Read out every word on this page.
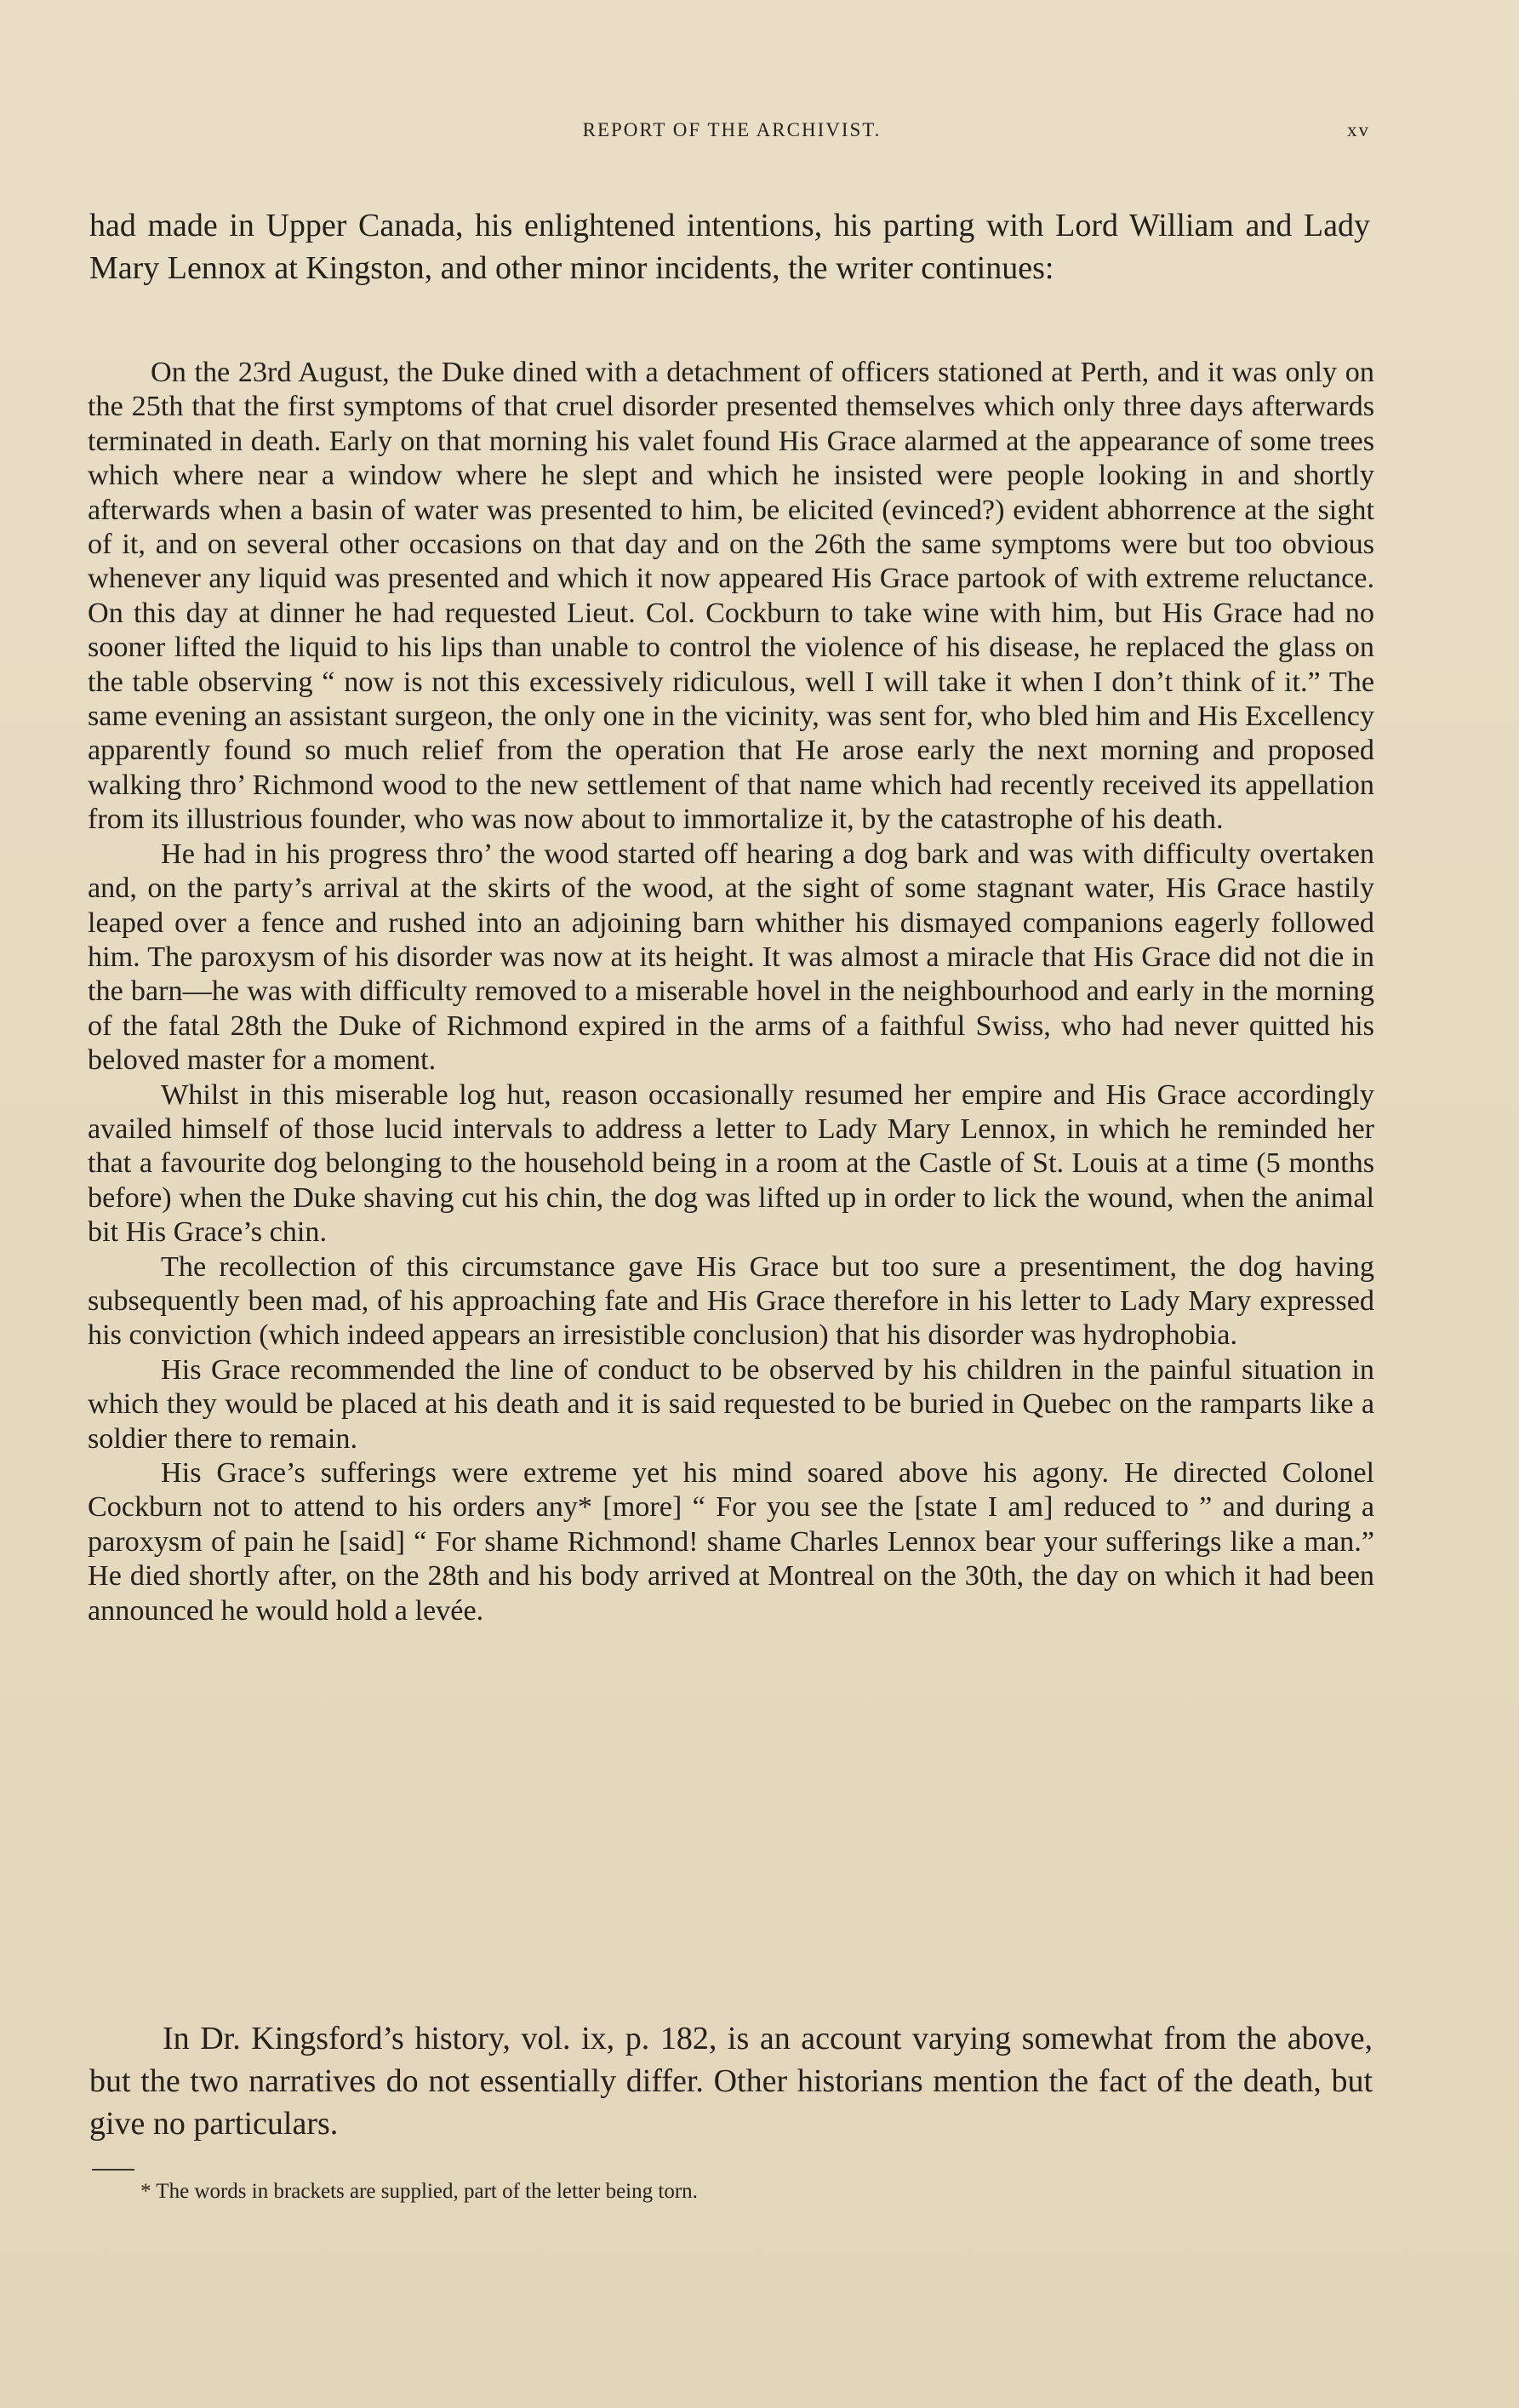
REPORT OF THE ARCHIVIST.	xv

had made in Upper Canada, his enlightened intentions, his parting with Lord William and Lady Mary Lennox at Kingston, and other minor incidents, the writer continues:

On the 23rd August, the Duke dined with a detachment of officers stationed at Perth, and it was only on the 25th that the first symptoms of that cruel disorder presented themselves which only three days afterwards terminated in death. Early on that morning his valet found His Grace alarmed at the appearance of some trees which where near a window where he slept and which he insisted were people looking in and shortly afterwards when a basin of water was presented to him, be elicited (evinced?) evident abhorrence at the sight of it, and on several other occasions on that day and on the 26th the same symptoms were but too obvious whenever any liquid was presented and which it now appeared His Grace partook of with extreme reluctance. On this day at dinner he had requested Lieut. Col. Cockburn to take wine with him, but His Grace had no sooner lifted the liquid to his lips than unable to control the violence of his disease, he replaced the glass on the table observing “ now is not this excessively ridiculous, well I will take it when I don’t think of it.” The same evening an assistant surgeon, the only one in the vicinity, was sent for, who bled him and His Excellency apparently found so much relief from the operation that He arose early the next morning and proposed walking thro’ Richmond wood to the new settlement of that name which had recently received its appellation from its illustrious founder, who was now about to immortalize it, by the catastrophe of his death.

He had in his progress thro’ the wood started off hearing a dog bark and was with difficulty overtaken and, on the party’s arrival at the skirts of the wood, at the sight of some stagnant water, His Grace hastily leaped over a fence and rushed into an adjoining barn whither his dismayed companions eagerly followed him. The paroxysm of his disorder was now at its height. It was almost a miracle that His Grace did not die in the barn—he was with difficulty removed to a miserable hovel in the neighbourhood and early in the morning of the fatal 28th the Duke of Richmond expired in the arms of a faithful Swiss, who had never quitted his beloved master for a moment.

Whilst in this miserable log hut, reason occasionally resumed her empire and His Grace accordingly availed himself of those lucid intervals to address a letter to Lady Mary Lennox, in which he reminded her that a favourite dog belonging to the household being in a room at the Castle of St. Louis at a time (5 months before) when the Duke shaving cut his chin, the dog was lifted up in order to lick the wound, when the animal bit His Grace’s chin.

The recollection of this circumstance gave His Grace but too sure a presentiment, the dog having subsequently been mad, of his approaching fate and His Grace therefore in his letter to Lady Mary expressed his conviction (which indeed appears an irresistible conclusion) that his disorder was hydrophobia.

His Grace recommended the line of conduct to be observed by his children in the painful situation in which they would be placed at his death and it is said requested to be buried in Quebec on the ramparts like a soldier there to remain.

His Grace’s sufferings were extreme yet his mind soared above his agony. He directed Colonel Cockburn not to attend to his orders any* [more] “ For you see the [state I am] reduced to ” and during a paroxysm of pain he [said] “ For shame Richmond! shame Charles Lennox bear your sufferings like a man.” He died shortly after, on the 28th and his body arrived at Montreal on the 30th, the day on which it had been announced he would hold a levée.

In Dr. Kingsford’s history, vol. ix, p. 182, is an account varying somewhat from the above, but the two narratives do not essentially differ. Other historians mention the fact of the death, but give no particulars.

* The words in brackets are supplied, part of the letter being torn.
